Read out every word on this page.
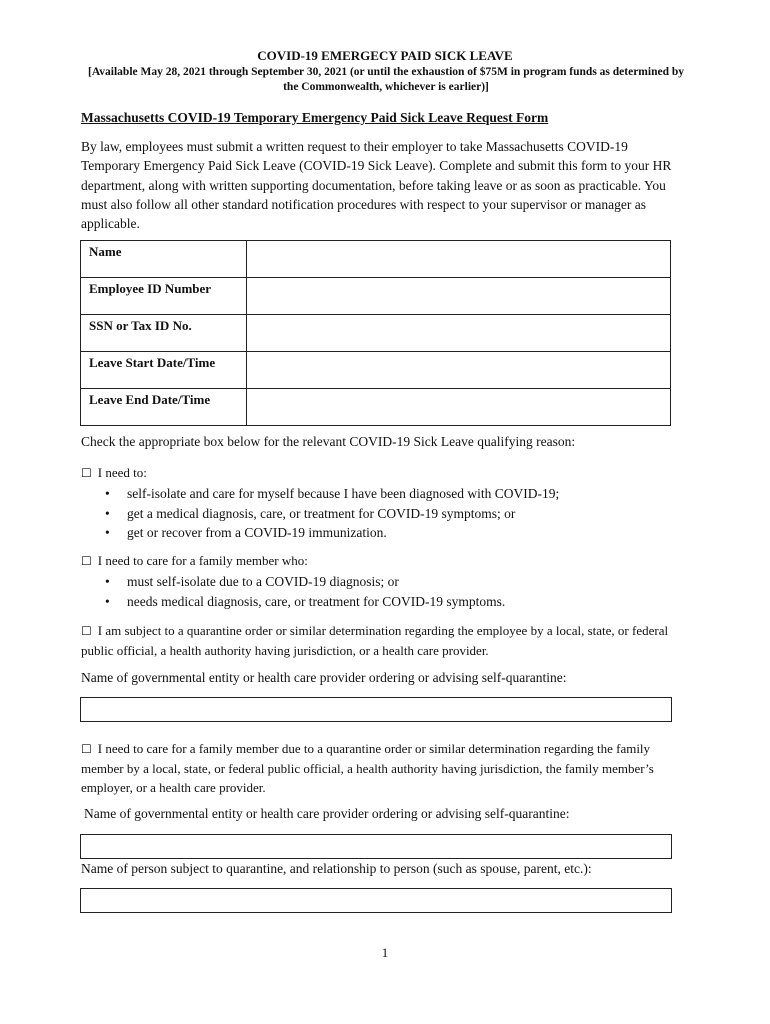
COVID-19 EMERGECY PAID SICK LEAVE
[Available May 28, 2021 through September 30, 2021 (or until the exhaustion of $75M in program funds as determined by the Commonwealth, whichever is earlier)]
Massachusetts COVID-19 Temporary Emergency Paid Sick Leave Request Form
By law, employees must submit a written request to their employer to take Massachusetts COVID-19 Temporary Emergency Paid Sick Leave (COVID-19 Sick Leave). Complete and submit this form to your HR department, along with written supporting documentation, before taking leave or as soon as practicable. You must also follow all other standard notification procedures with respect to your supervisor or manager as applicable.
Name	
Employee ID Number	
SSN or Tax ID No.	
Leave Start Date/Time	
Leave End Date/Time	
Check the appropriate box below for the relevant COVID-19 Sick Leave qualifying reason:
☐ I need to:
• self-isolate and care for myself because I have been diagnosed with COVID-19;
• get a medical diagnosis, care, or treatment for COVID-19 symptoms; or
• get or recover from a COVID-19 immunization.
☐ I need to care for a family member who:
• must self-isolate due to a COVID-19 diagnosis; or
• needs medical diagnosis, care, or treatment for COVID-19 symptoms.
☐ I am subject to a quarantine order or similar determination regarding the employee by a local, state, or federal public official, a health authority having jurisdiction, or a health care provider.
Name of governmental entity or health care provider ordering or advising self-quarantine:
☐ I need to care for a family member due to a quarantine order or similar determination regarding the family member by a local, state, or federal public official, a health authority having jurisdiction, the family member’s employer, or a health care provider.
Name of governmental entity or health care provider ordering or advising self-quarantine:
Name of person subject to quarantine, and relationship to person (such as spouse, parent, etc.):
1
